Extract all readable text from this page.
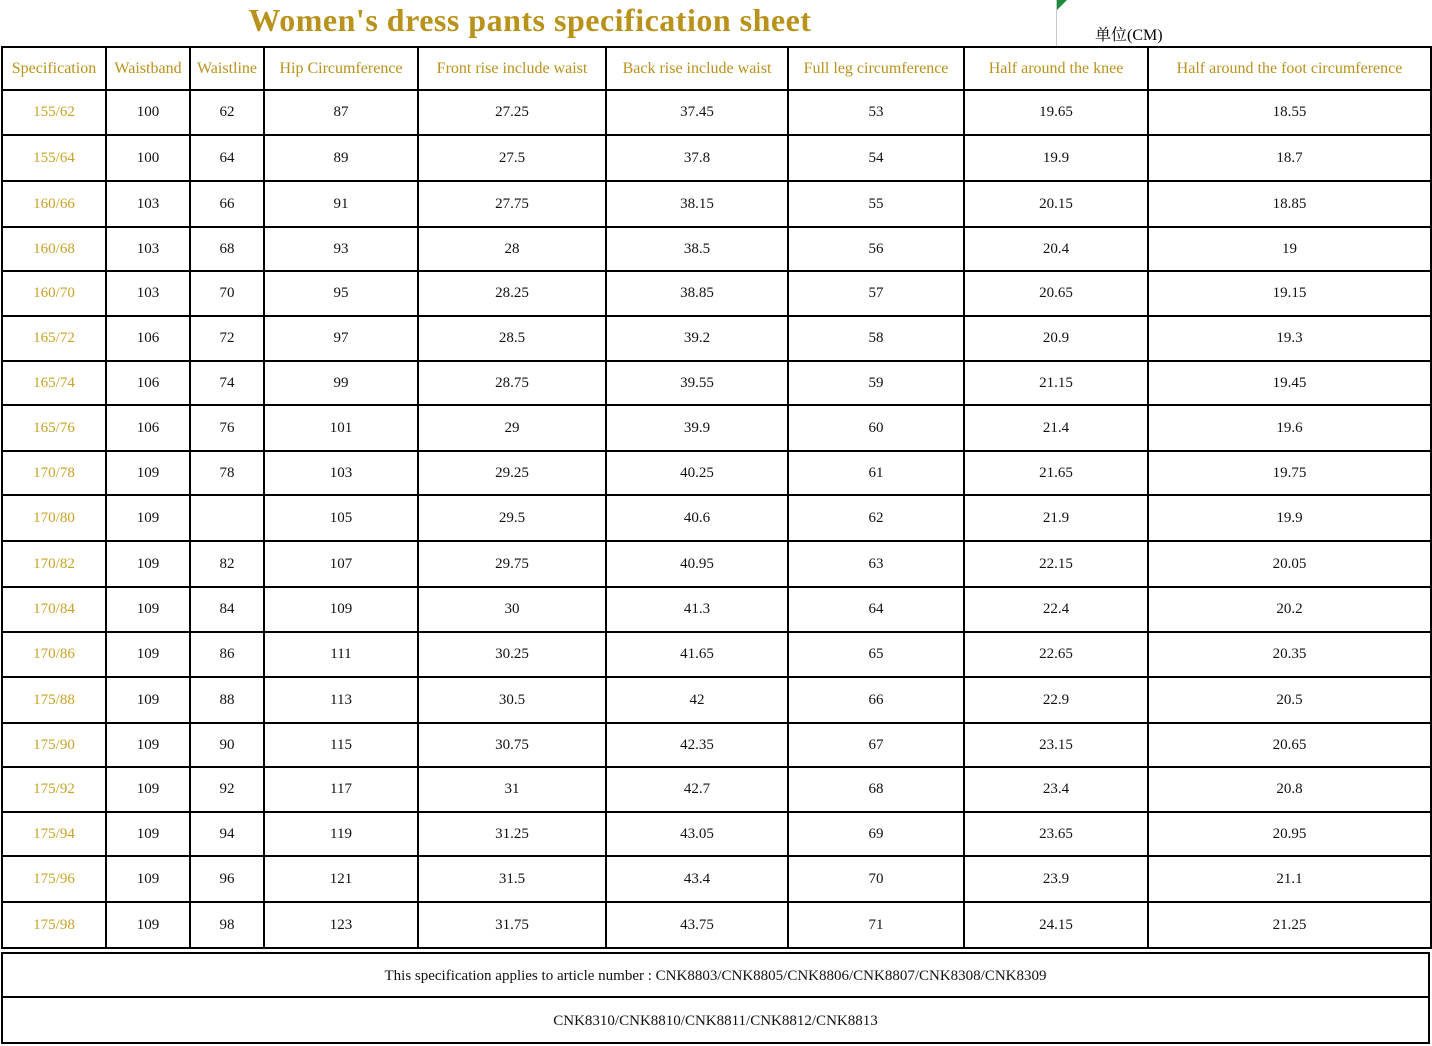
Women's dress pants specification sheet	单位(CM)
Specification	Waistband	Waistline	Hip Circumference	Front rise include waist	Back rise include waist	Full leg circumference	Half around the knee	Half around the foot circumference
155/62	100	62	87	27.25	37.45	53	19.65	18.55
155/64	100	64	89	27.5	37.8	54	19.9	18.7
160/66	103	66	91	27.75	38.15	55	20.15	18.85
160/68	103	68	93	28	38.5	56	20.4	19
160/70	103	70	95	28.25	38.85	57	20.65	19.15
165/72	106	72	97	28.5	39.2	58	20.9	19.3
165/74	106	74	99	28.75	39.55	59	21.15	19.45
165/76	106	76	101	29	39.9	60	21.4	19.6
170/78	109	78	103	29.25	40.25	61	21.65	19.75
170/80	109		105	29.5	40.6	62	21.9	19.9
170/82	109	82	107	29.75	40.95	63	22.15	20.05
170/84	109	84	109	30	41.3	64	22.4	20.2
170/86	109	86	111	30.25	41.65	65	22.65	20.35
175/88	109	88	113	30.5	42	66	22.9	20.5
175/90	109	90	115	30.75	42.35	67	23.15	20.65
175/92	109	92	117	31	42.7	68	23.4	20.8
175/94	109	94	119	31.25	43.05	69	23.65	20.95
175/96	109	96	121	31.5	43.4	70	23.9	21.1
175/98	109	98	123	31.75	43.75	71	24.15	21.25
This specification applies to article number : CNK8803/CNK8805/CNK8806/CNK8807/CNK8308/CNK8309
CNK8310/CNK8810/CNK8811/CNK8812/CNK8813
